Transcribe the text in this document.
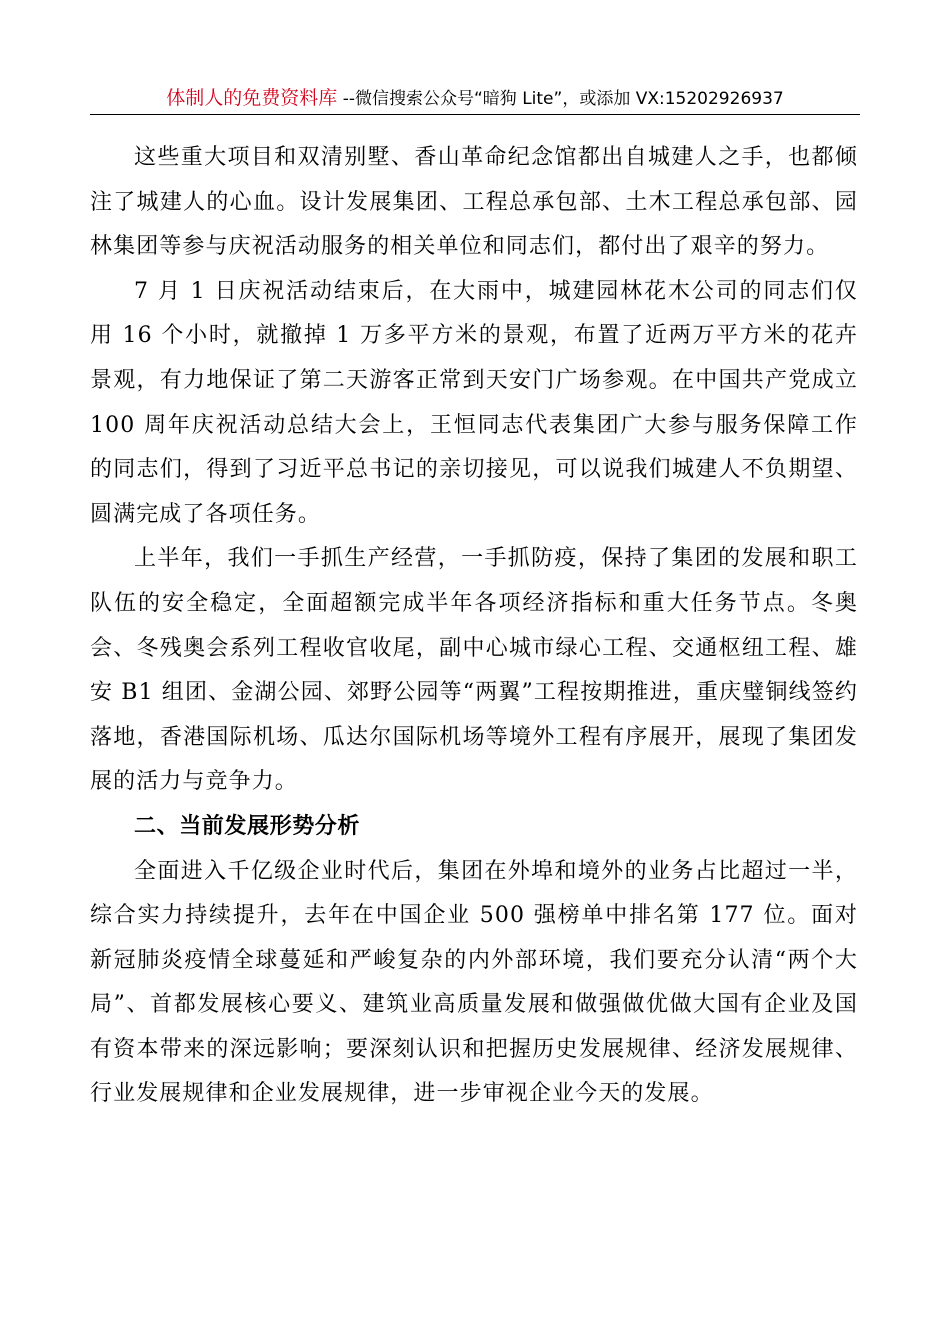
体制人的免费资料库 --微信搜索公众号“暗狗 Lite”，或添加 VX:15202926937

这些重大项目和双清别墅、香山革命纪念馆都出自城建人之手，也都倾注了城建人的心血。设计发展集团、工程总承包部、土木工程总承包部、园林集团等参与庆祝活动服务的相关单位和同志们，都付出了艰辛的努力。

7 月 1 日庆祝活动结束后，在大雨中，城建园林花木公司的同志们仅用 16 个小时，就撤掉 1 万多平方米的景观，布置了近两万平方米的花卉景观，有力地保证了第二天游客正常到天安门广场参观。在中国共产党成立 100 周年庆祝活动总结大会上，王恒同志代表集团广大参与服务保障工作的同志们，得到了习近平总书记的亲切接见，可以说我们城建人不负期望、圆满完成了各项任务。

上半年，我们一手抓生产经营，一手抓防疫，保持了集团的发展和职工队伍的安全稳定，全面超额完成半年各项经济指标和重大任务节点。冬奥会、冬残奥会系列工程收官收尾，副中心城市绿心工程、交通枢纽工程、雄安 B1 组团、金湖公园、郊野公园等“两翼”工程按期推进，重庆璧铜线签约落地，香港国际机场、瓜达尔国际机场等境外工程有序展开，展现了集团发展的活力与竞争力。

二、当前发展形势分析

全面进入千亿级企业时代后，集团在外埠和境外的业务占比超过一半，综合实力持续提升，去年在中国企业 500 强榜单中排名第 177 位。面对新冠肺炎疫情全球蔓延和严峻复杂的内外部环境，我们要充分认清“两个大局”、首都发展核心要义、建筑业高质量发展和做强做优做大国有企业及国有资本带来的深远影响；要深刻认识和把握历史发展规律、经济发展规律、行业发展规律和企业发展规律，进一步审视企业今天的发展。
